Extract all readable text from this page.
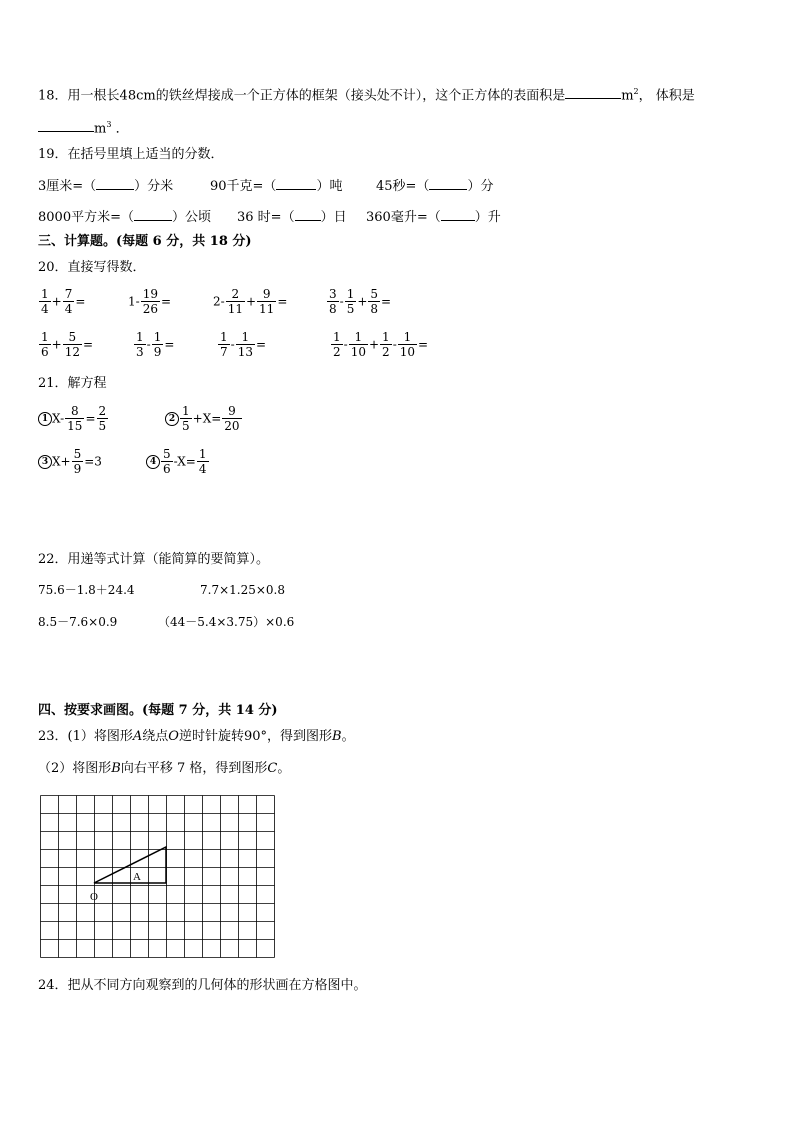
18．用一根长48cm的铁丝焊接成一个正方体的框架（接头处不计），这个正方体的表面积是	$m^2$， 体积是
$m^3$ ．
19．在括号里填上适当的分数．
3厘米=（	）分米	90千克=（	）吨	45秒=（	）分
8000平方米=（	）公顷 36 时=（ ）日 360毫升=（	）升
三、计算题。(每题 6 分，共 18 分)
20．直接写得数．
$\frac{1}{4} + \frac{7}{4}$ =	$1- \frac{19}{26}$ =	$2- \frac{2}{11} + \frac{9}{11}$ =	$\frac{3}{8} - \frac{1}{5} + \frac{5}{8}$ =
$\frac{1}{6} + \frac{5}{12}$ =	$\frac{1}{3} - \frac{1}{9}$ =	$\frac{1}{7} - \frac{1}{13}$ =	$\frac{1}{2} - \frac{1}{10} + \frac{1}{2} - \frac{1}{10}$ =
21．解方程
1 $X- \frac{8}{15} = \frac{2}{5}$	$2 \frac{1}{5} +X= \frac{9}{20}$
3 $X+ \frac{5}{9} =3$	$4 \frac{5}{6} -X= \frac{1}{4}$
22．用递等式计算（能简算的要简算）。
75.6－1.8＋24.4	7.7×1.25×0.8
8.5－7.6×0.9	（44－5.4×3.75）×0.6
四、按要求画图。(每题 7 分，共 14 分)
23．(1）将图形A绕点O逆时针旋转90°，得到图形B。
（2）将图形B向右平移 7 格，得到图形C。
A
O
24．把从不同方向观察到的几何体的形状画在方格图中。
